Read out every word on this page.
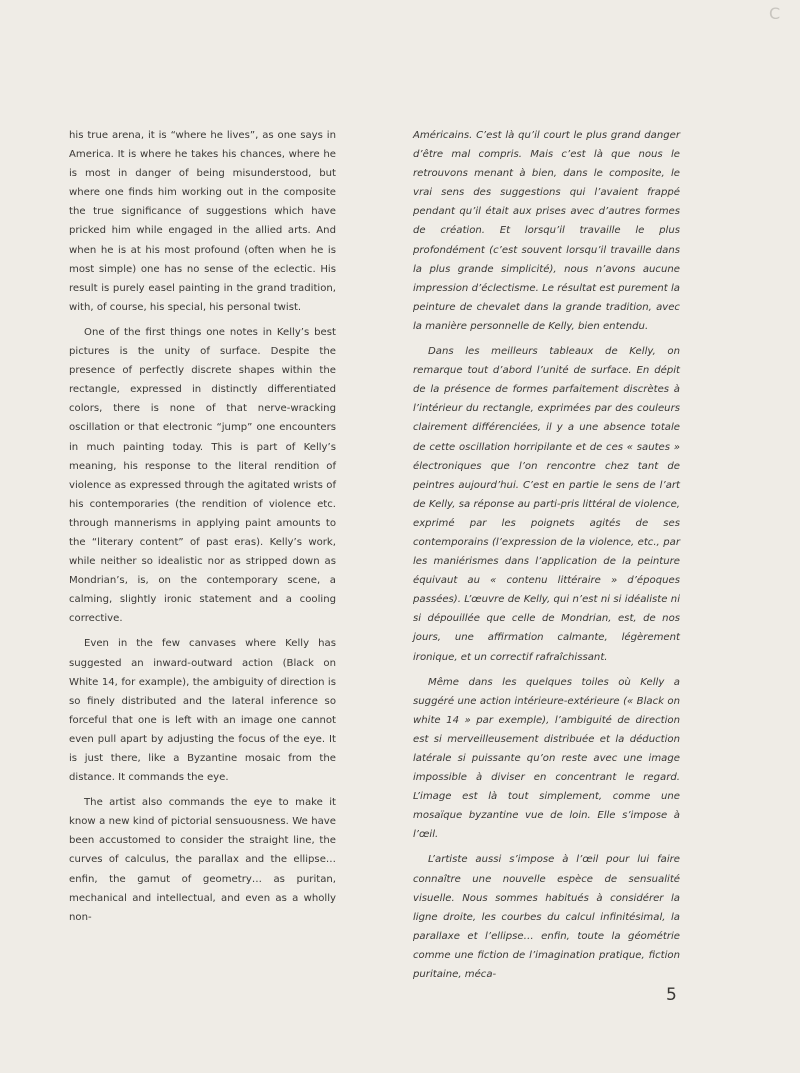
C

his true arena, it is “where he lives”, as one says in America. It is where he takes his chances, where he is most in danger of being misunderstood, but where one finds him working out in the composite the true significance of suggestions which have pricked him while engaged in the allied arts. And when he is at his most profound (often when he is most simple) one has no sense of the eclectic. His result is purely easel painting in the grand tradition, with, of course, his special, his personal twist.

One of the first things one notes in Kelly’s best pictures is the unity of surface. Despite the presence of perfectly discrete shapes within the rectangle, expressed in distinctly differentiated colors, there is none of that nerve-wracking oscillation or that electronic “jump” one encounters in much painting today. This is part of Kelly’s meaning, his response to the literal rendition of violence as expressed through the agitated wrists of his contemporaries (the rendition of violence etc. through mannerisms in applying paint amounts to the “literary content” of past eras). Kelly’s work, while neither so idealistic nor as stripped down as Mondrian’s, is, on the contemporary scene, a calming, slightly ironic statement and a cooling corrective.

Even in the few canvases where Kelly has suggested an inward-outward action (Black on White 14, for example), the ambiguity of direction is so finely distributed and the lateral inference so forceful that one is left with an image one cannot even pull apart by adjusting the focus of the eye. It is just there, like a Byzantine mosaic from the distance. It commands the eye.

The artist also commands the eye to make it know a new kind of pictorial sensuousness. We have been accustomed to consider the straight line, the curves of calculus, the parallax and the ellipse… enfin, the gamut of geometry… as puritan, mechanical and intellectual, and even as a wholly non-

Américains. C’est là qu’il court le plus grand danger d’être mal compris. Mais c’est là que nous le retrouvons menant à bien, dans le composite, le vrai sens des suggestions qui l’avaient frappé pendant qu’il était aux prises avec d’autres formes de création. Et lorsqu’il travaille le plus profondément (c’est souvent lorsqu’il travaille dans la plus grande simplicité), nous n’avons aucune impression d’éclectisme. Le résultat est purement la peinture de chevalet dans la grande tradition, avec la manière personnelle de Kelly, bien entendu.

Dans les meilleurs tableaux de Kelly, on remarque tout d’abord l’unité de surface. En dépit de la présence de formes parfaitement discrètes à l’intérieur du rectangle, exprimées par des couleurs clairement différenciées, il y a une absence totale de cette oscillation horripilante et de ces « sautes » électroniques que l’on rencontre chez tant de peintres aujourd’hui. C’est en partie le sens de l’art de Kelly, sa réponse au parti-pris littéral de violence, exprimé par les poignets agités de ses contemporains (l’expression de la violence, etc., par les maniérismes dans l’application de la peinture équivaut au « contenu littéraire » d’époques passées). L’œuvre de Kelly, qui n’est ni si idéaliste ni si dépouillée que celle de Mondrian, est, de nos jours, une affirmation calmante, légèrement ironique, et un correctif rafraîchissant.

Même dans les quelques toiles où Kelly a suggéré une action intérieure-extérieure (« Black on white 14 » par exemple), l’ambiguité de direction est si merveilleusement distribuée et la déduction latérale si puissante qu’on reste avec une image impossible à diviser en concentrant le regard. L’image est là tout simplement, comme une mosaïque byzantine vue de loin. Elle s’impose à l’œil.

L’artiste aussi s’impose à l’œil pour lui faire connaître une nouvelle espèce de sensualité visuelle. Nous sommes habitués à considérer la ligne droite, les courbes du calcul infinitésimal, la parallaxe et l’ellipse… enfin, toute la géométrie comme une fiction de l’imagination pratique, fiction puritaine, méca-

5
